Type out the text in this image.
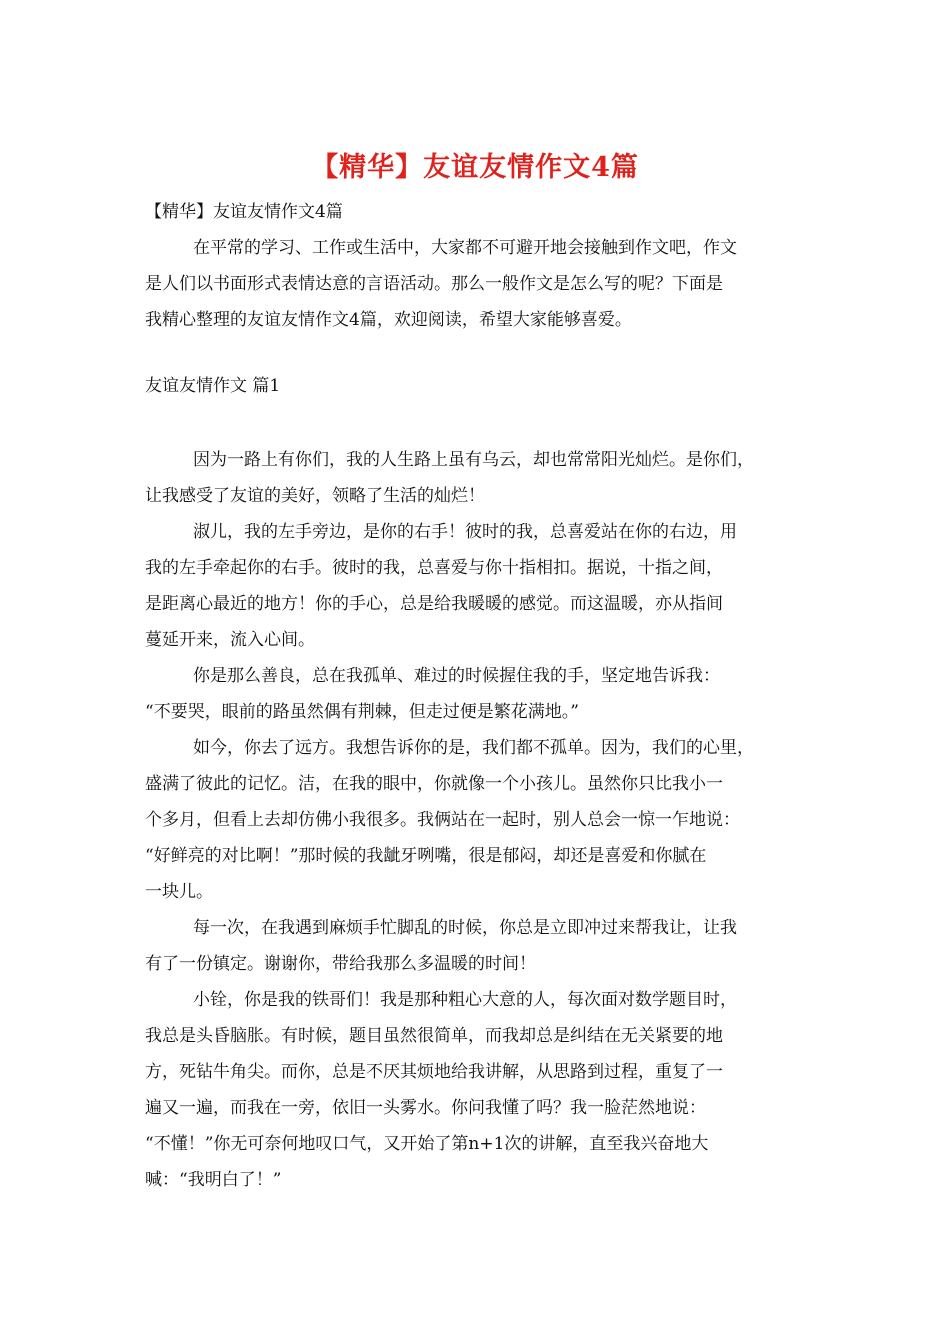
【精华】友谊友情作文4篇
【精华】友谊友情作文4篇
在平常的学习、工作或生活中，大家都不可避开地会接触到作文吧，作文
是人们以书面形式表情达意的言语活动。那么一般作文是怎么写的呢？下面是
我精心整理的友谊友情作文4篇，欢迎阅读，希望大家能够喜爱。
友谊友情作文 篇1
因为一路上有你们，我的人生路上虽有乌云，却也常常阳光灿烂。是你们，
让我感受了友谊的美好，领略了生活的灿烂！
淑儿，我的左手旁边，是你的右手！彼时的我，总喜爱站在你的右边，用
我的左手牵起你的右手。彼时的我，总喜爱与你十指相扣。据说，十指之间，
是距离心最近的地方！你的手心，总是给我暖暖的感觉。而这温暖，亦从指间
蔓延开来，流入心间。
你是那么善良，总在我孤单、难过的时候握住我的手，坚定地告诉我：
“不要哭，眼前的路虽然偶有荆棘，但走过便是繁花满地。”
如今，你去了远方。我想告诉你的是，我们都不孤单。因为，我们的心里，
盛满了彼此的记忆。洁，在我的眼中，你就像一个小孩儿。虽然你只比我小一
个多月，但看上去却仿佛小我很多。我俩站在一起时，别人总会一惊一乍地说：
“好鲜亮的对比啊！”那时候的我龇牙咧嘴，很是郁闷，却还是喜爱和你腻在
一块儿。
每一次，在我遇到麻烦手忙脚乱的时候，你总是立即冲过来帮我让，让我
有了一份镇定。谢谢你，带给我那么多温暖的时间！
小铨，你是我的铁哥们！我是那种粗心大意的人，每次面对数学题目时，
我总是头昏脑胀。有时候，题目虽然很简单，而我却总是纠结在无关紧要的地
方，死钻牛角尖。而你，总是不厌其烦地给我讲解，从思路到过程，重复了一
遍又一遍，而我在一旁，依旧一头雾水。你问我懂了吗？我一脸茫然地说：
“不懂！”你无可奈何地叹口气，又开始了第n+1次的讲解，直至我兴奋地大
喊：“我明白了！”
